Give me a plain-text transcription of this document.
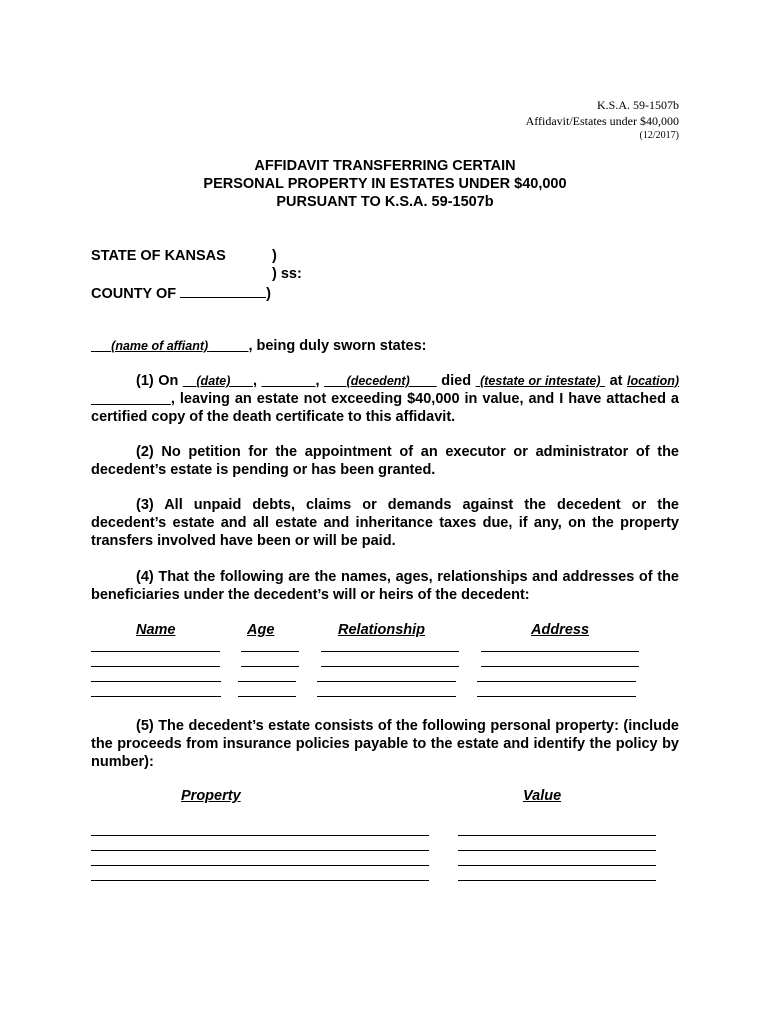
K.S.A. 59-1507b
Affidavit/Estates under $40,000
(12/2017)
AFFIDAVIT TRANSFERRING CERTAIN
PERSONAL PROPERTY IN ESTATES UNDER $40,000
PURSUANT TO K.S.A. 59-1507b
STATE OF KANSAS	)
) ss:
COUNTY OF	)
(name of affiant)	, being duly sworn states:
(1) On (date) ,	,      (decedent) died (testate or intestate) at location)                , leaving an estate not exceeding $40,000 in value, and I have attached a certified copy of the death certificate to this affidavit.
(2) No petition for the appointment of an executor or administrator of the decedent’s estate is pending or has been granted.
(3) All unpaid debts, claims or demands against the decedent or the decedent’s estate and all estate and inheritance taxes due, if any, on the property transfers involved have been or will be paid.
(4) That the following are the names, ages, relationships and addresses of the beneficiaries under the decedent’s will or heirs of the decedent:
Name	Age	Relationship	Address
(5) The decedent’s estate consists of the following personal property: (include the proceeds from insurance policies payable to the estate and identify the policy by number):
Property	Value
